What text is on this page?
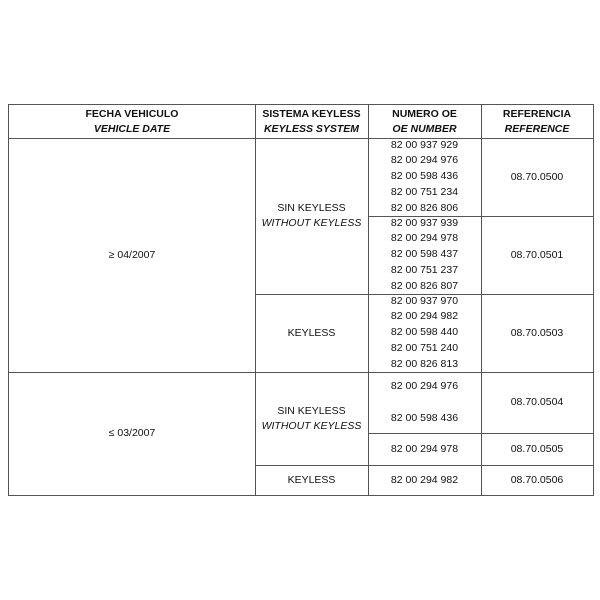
FECHA VEHICULO
VEHICLE DATE
SISTEMA KEYLESS
KEYLESS SYSTEM
NUMERO OE
OE NUMBER
REFERENCIA
REFERENCE
≥ 04/2007
SIN KEYLESS
WITHOUT KEYLESS
KEYLESS
82 00 937 929
82 00 294 976
82 00 598 436
82 00 751 234
82 00 826 806
08.70.0500
82 00 937 939
82 00 294 978
82 00 598 437
82 00 751 237
82 00 826 807
08.70.0501
82 00 937 970
82 00 294 982
82 00 598 440
82 00 751 240
82 00 826 813
08.70.0503
≤ 03/2007
SIN KEYLESS
WITHOUT KEYLESS
KEYLESS
82 00 294 976
82 00 598 436
08.70.0504
82 00 294 978	08.70.0505
82 00 294 982	08.70.0506
